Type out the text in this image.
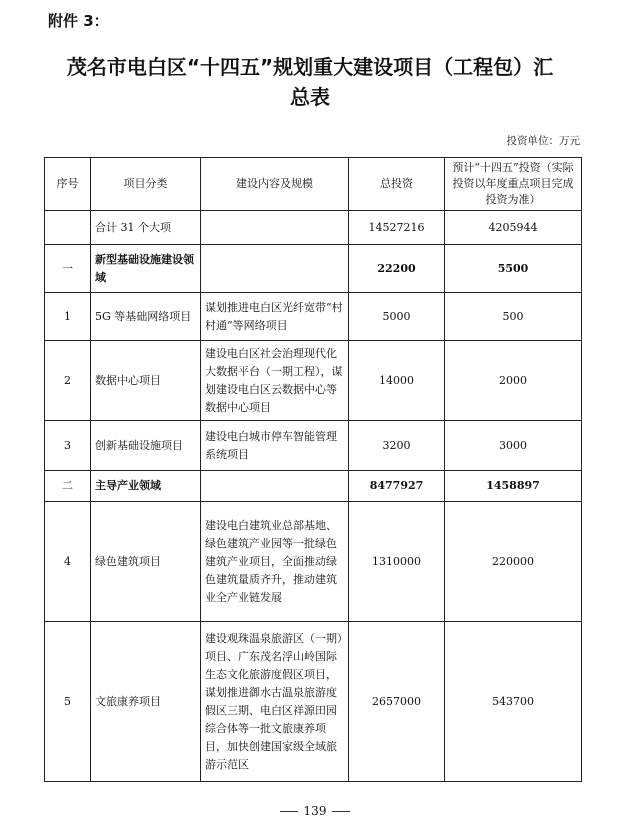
附件 3：
茂名市电白区“十四五”规划重大建设项目（工程包）汇
总表
投资单位：万元
序号	项目分类	建设内容及规模	总投资	预计“十四五”投资（实际投资以年度重点项目完成投资为准）
	合计 31 个大项		14527216	4205944
一	新型基础设施建设领域		22200	5500
1	5G 等基础网络项目	谋划推进电白区光纤宽带“村村通”等网络项目	5000	500
2	数据中心项目	建设电白区社会治理现代化大数据平台（一期工程），谋划建设电白区云数据中心等数据中心项目	14000	2000
3	创新基础设施项目	建设电白城市停车智能管理系统项目	3200	3000
二	主导产业领域		8477927	1458897
4	绿色建筑项目	建设电白建筑业总部基地、绿色建筑产业园等一批绿色建筑产业项目，全面推动绿色建筑量质齐升，推动建筑业全产业链发展	1310000	220000
5	文旅康养项目	建设观珠温泉旅游区（一期）项目、广东茂名浮山岭国际生态文化旅游度假区项目，谋划推进御水古温泉旅游度假区三期、电白区祥源田园综合体等一批文旅康养项目，加快创建国家级全域旅游示范区	2657000	543700
139
